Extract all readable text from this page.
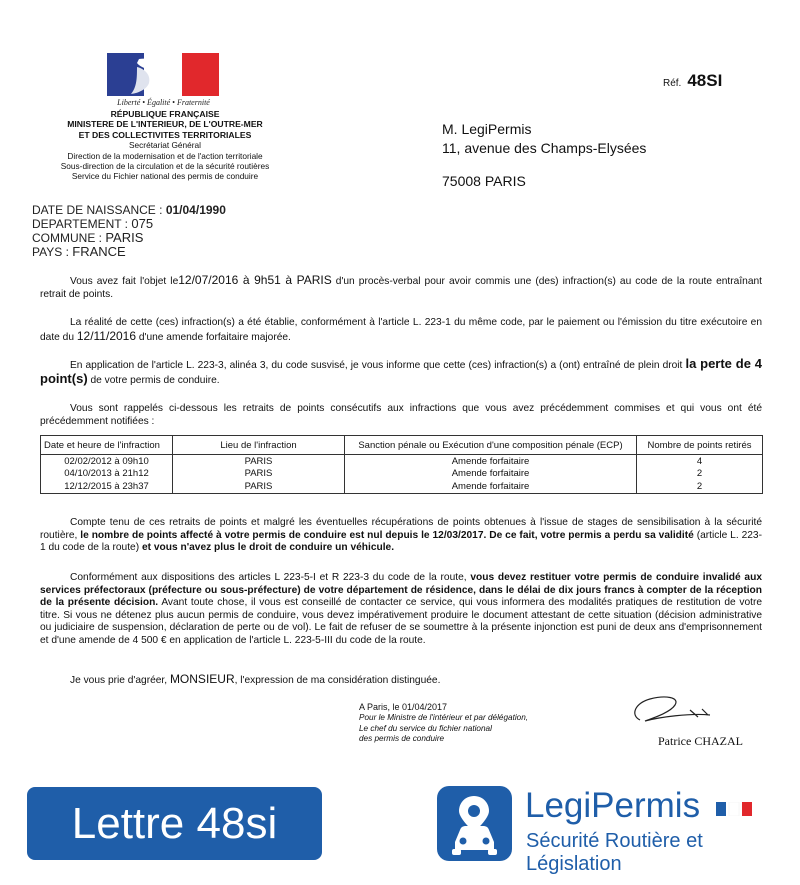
Liberté • Égalité • Fraternité
RÉPUBLIQUE FRANÇAISE
MINISTERE DE L'INTERIEUR, DE L'OUTRE-MER
ET DES COLLECTIVITES TERRITORIALES
Secrétariat Général
Direction de la modernisation et de l'action territoriale
Sous-direction de la circulation et de la sécurité routières
Service du Fichier national des permis de conduire
Réf. 48SI
M. LegiPermis
11, avenue des Champs-Elysées
75008 PARIS
DATE DE NAISSANCE : 01/04/1990
DEPARTEMENT : 075
COMMUNE : PARIS
PAYS : FRANCE
Vous avez fait l'objet le12/07/2016 à 9h51 à PARIS d'un procès-verbal pour avoir commis une (des) infraction(s) au code de la route entraînant retrait de points.
La réalité de cette (ces) infraction(s) a été établie, conformément à l'article L. 223-1 du même code, par le paiement ou l'émission du titre exécutoire en date du 12/11/2016 d'une amende forfaitaire majorée.
En application de l'article L. 223-3, alinéa 3, du code susvisé, je vous informe que cette (ces) infraction(s) a (ont) entraîné de plein droit la perte de 4 point(s) de votre permis de conduire.
Vous sont rappelés ci-dessous les retraits de points consécutifs aux infractions que vous avez précédemment commises et qui vous ont été précédemment notifiées :
Date et heure de l'infraction	Lieu de l'infraction	Sanction pénale ou Exécution d'une composition pénale (ECP)	Nombre de points retirés
02/02/2012 à 09h10	PARIS	Amende forfaitaire	4
04/10/2013 à 21h12	PARIS	Amende forfaitaire	2
12/12/2015 à 23h37	PARIS	Amende forfaitaire	2
Compte tenu de ces retraits de points et malgré les éventuelles récupérations de points obtenues à l'issue de stages de sensibilisation à la sécurité routière, le nombre de points affecté à votre permis de conduire est nul depuis le 12/03/2017. De ce fait, votre permis a perdu sa validité (article L. 223-1 du code de la route) et vous n'avez plus le droit de conduire un véhicule.
Conformément aux dispositions des articles L 223-5-I et R 223-3 du code de la route, vous devez restituer votre permis de conduire invalidé aux services préfectoraux (préfecture ou sous-préfecture) de votre département de résidence, dans le délai de dix jours francs à compter de la réception de la présente décision. Avant toute chose, il vous est conseillé de contacter ce service, qui vous informera des modalités pratiques de restitution de votre titre. Si vous ne détenez plus aucun permis de conduire, vous devez impérativement produire le document attestant de cette situation (décision administrative ou judiciaire de suspension, déclaration de perte ou de vol). Le fait de refuser de se soumettre à la présente injonction est puni de deux ans d'emprisonnement et d'une amende de 4 500 € en application de l'article L. 223-5-III du code de la route.
Je vous prie d'agréer, MONSIEUR, l'expression de ma considération distinguée.
A Paris, le 01/04/2017
Pour le Ministre de l'intérieur et par délégation,
Le chef du service du fichier national
des permis de conduire	Patrice CHAZAL
Lettre 48si	LegiPermis
Sécurité Routière et Législation
